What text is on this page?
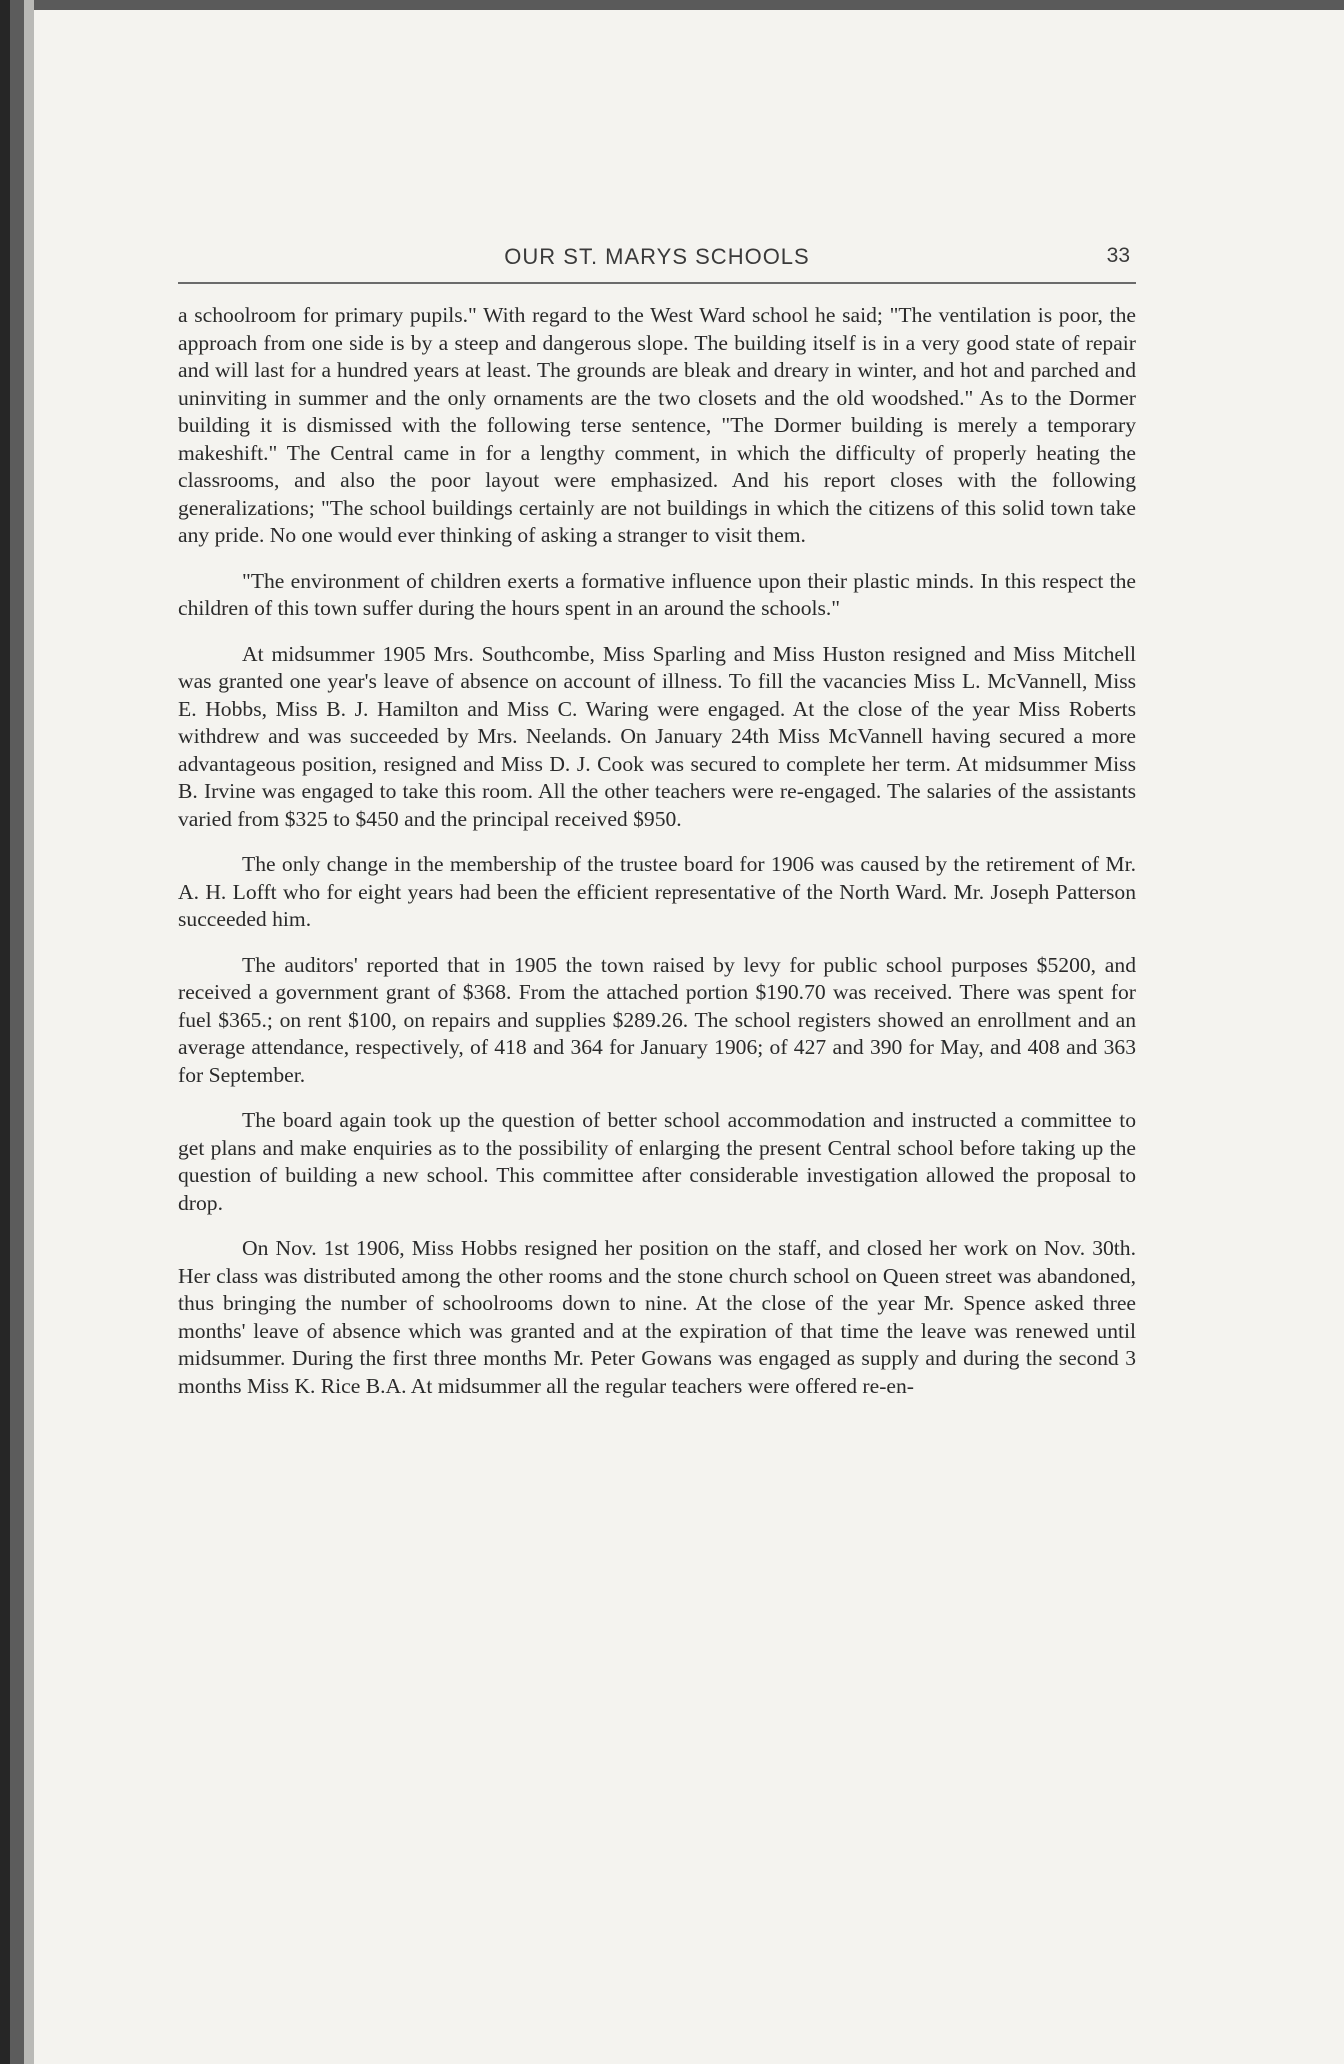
OUR ST. MARYS SCHOOLS	33

a schoolroom for primary pupils." With regard to the West Ward school he said; "The ventilation is poor, the approach from one side is by a steep and dangerous slope. The building itself is in a very good state of repair and will last for a hundred years at least. The grounds are bleak and dreary in winter, and hot and parched and uninviting in summer and the only ornaments are the two closets and the old woodshed." As to the Dormer building it is dismissed with the following terse sentence, "The Dormer building is merely a temporary makeshift." The Central came in for a lengthy comment, in which the difficulty of properly heating the classrooms, and also the poor layout were emphasized. And his report closes with the following generalizations; "The school buildings certainly are not buildings in which the citizens of this solid town take any pride. No one would ever thinking of asking a stranger to visit them.

"The environment of children exerts a formative influence upon their plastic minds. In this respect the children of this town suffer during the hours spent in an around the schools."

At midsummer 1905 Mrs. Southcombe, Miss Sparling and Miss Huston resigned and Miss Mitchell was granted one year's leave of absence on account of illness. To fill the vacancies Miss L. McVannell, Miss E. Hobbs, Miss B. J. Hamilton and Miss C. Waring were engaged. At the close of the year Miss Roberts withdrew and was succeeded by Mrs. Neelands. On January 24th Miss McVannell having secured a more advantageous position, resigned and Miss D. J. Cook was secured to complete her term. At midsummer Miss B. Irvine was engaged to take this room. All the other teachers were re-engaged. The salaries of the assistants varied from $325 to $450 and the principal received $950.

The only change in the membership of the trustee board for 1906 was caused by the retirement of Mr. A. H. Lofft who for eight years had been the efficient representative of the North Ward. Mr. Joseph Patterson succeeded him.

The auditors' reported that in 1905 the town raised by levy for public school purposes $5200, and received a government grant of $368. From the attached portion $190.70 was received. There was spent for fuel $365.; on rent $100, on repairs and supplies $289.26. The school registers showed an enrollment and an average attendance, respectively, of 418 and 364 for January 1906; of 427 and 390 for May, and 408 and 363 for September.

The board again took up the question of better school accommodation and instructed a committee to get plans and make enquiries as to the possibility of enlarging the present Central school before taking up the question of building a new school. This committee after considerable investigation allowed the proposal to drop.

On Nov. 1st 1906, Miss Hobbs resigned her position on the staff, and closed her work on Nov. 30th. Her class was distributed among the other rooms and the stone church school on Queen street was abandoned, thus bringing the number of schoolrooms down to nine. At the close of the year Mr. Spence asked three months' leave of absence which was granted and at the expiration of that time the leave was renewed until midsummer. During the first three months Mr. Peter Gowans was engaged as supply and during the second 3 months Miss K. Rice B.A. At midsummer all the regular teachers were offered re-en-
